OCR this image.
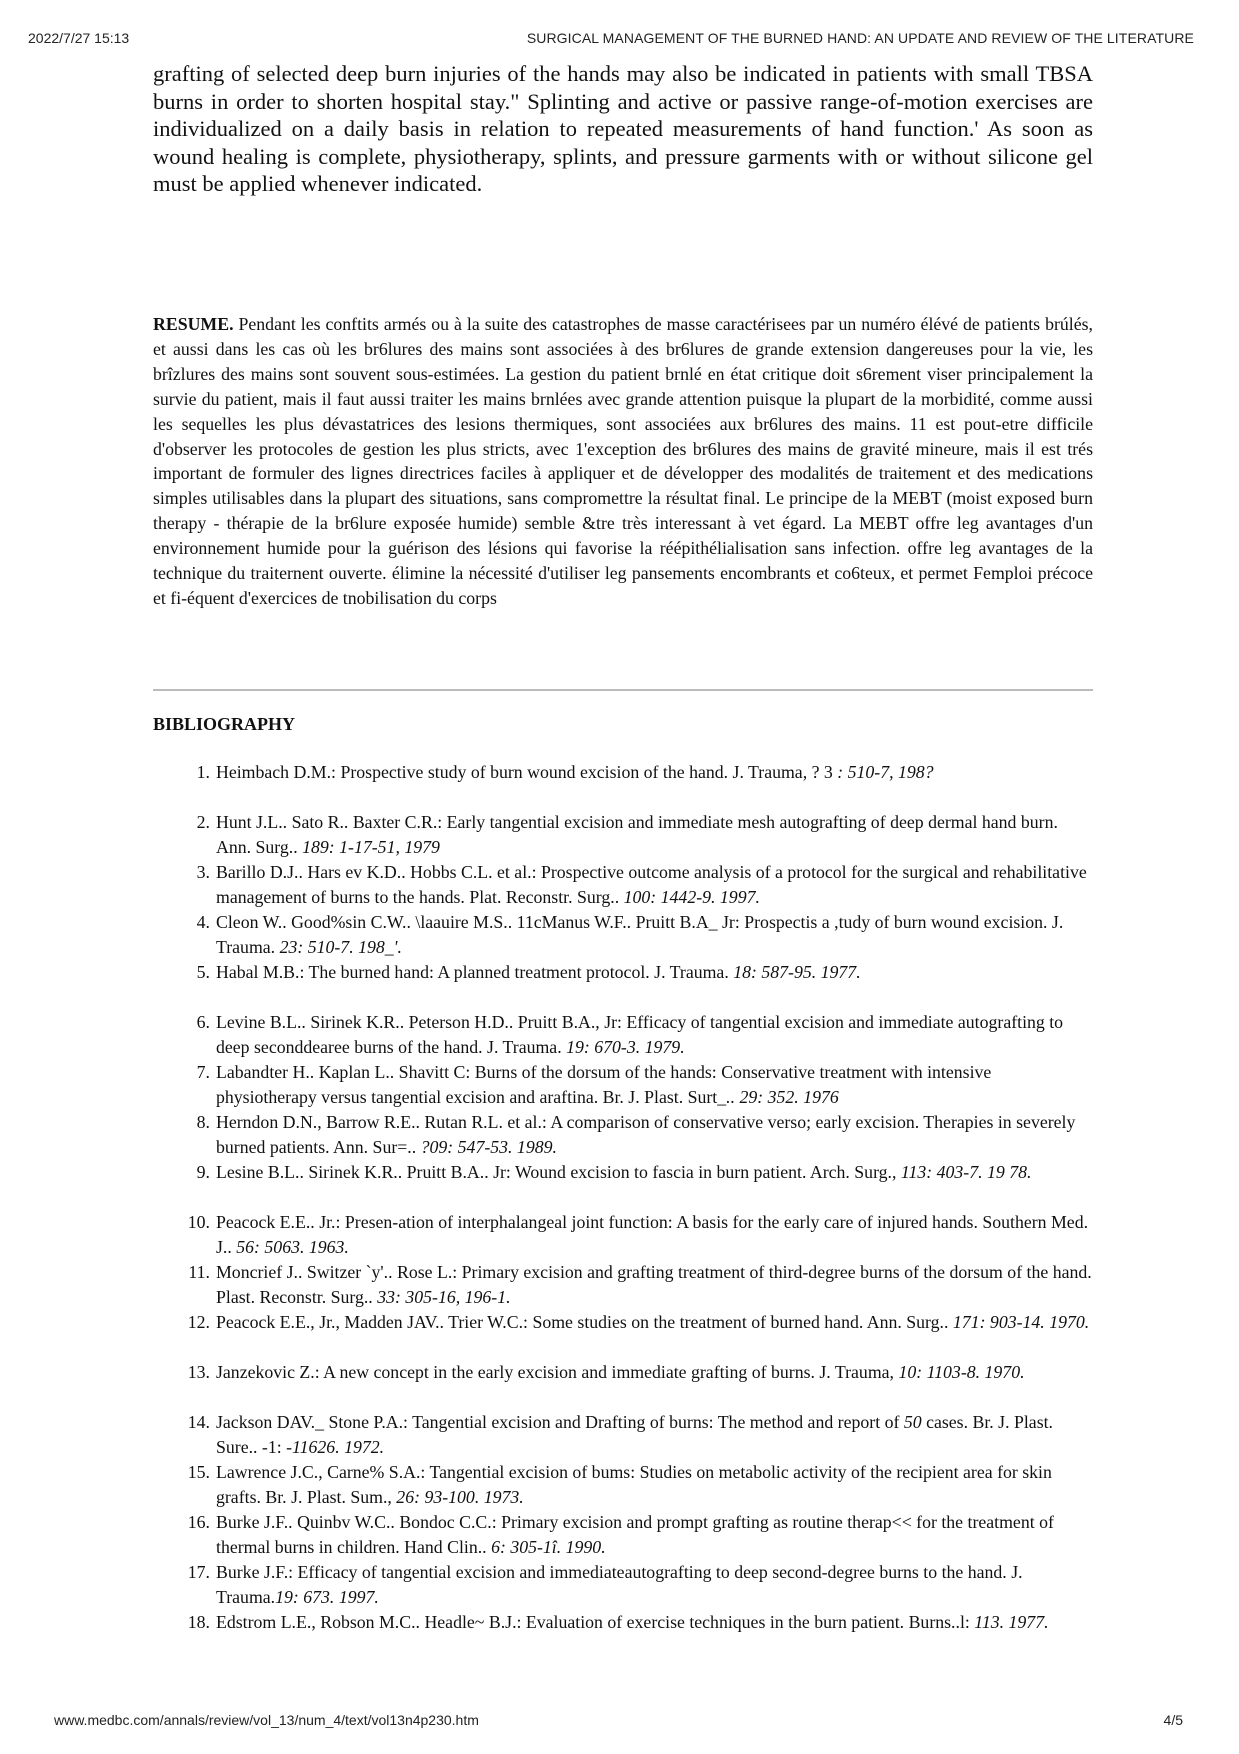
2022/7/27 15:13	SURGICAL MANAGEMENT OF THE BURNED HAND: AN UPDATE AND REVIEW OF THE LITERATURE

grafting of selected deep burn injuries of the hands may also be indicated in patients with small TBSA burns in order to shorten hospital stay." Splinting and active or passive range-of-motion exercises are individualized on a daily basis in relation to repeated measurements of hand function.' As soon as wound healing is complete, physiotherapy, splints, and pressure garments with or without silicone gel must be applied whenever indicated.

RESUME. Pendant les conftits armés ou à la suite des catastrophes de masse caractérisees par un numéro élévé de patients brúlés, et aussi dans les cas où les br6lures des mains sont associées à des br6lures de grande extension dangereuses pour la vie, les brîzlures des mains sont souvent sous-estimées. La gestion du patient brnlé en état critique doit s6rement viser principalement la survie du patient, mais il faut aussi traiter les mains brnlées avec grande attention puisque la plupart de la morbidité, comme aussi les sequelles les plus dévastatrices des lesions thermiques, sont associées aux br6lures des mains. 11 est pout-etre difficile d'observer les protocoles de gestion les plus stricts, avec 1'exception des br6lures des mains de gravité mineure, mais il est trés important de formuler des lignes directrices faciles à appliquer et de développer des modalités de traitement et des medications simples utilisables dans la plupart des situations, sans compromettre la résultat final. Le principe de la MEBT (moist exposed burn therapy - thérapie de la br6lure exposée humide) semble &tre très interessant à vet égard. La MEBT offre leg avantages d'un environnement humide pour la guérison des lésions qui favorise la réépithélialisation sans infection. offre leg avantages de la technique du traiternent ouverte. élimine la nécessité d'utiliser leg pansements encombrants et co6teux, et permet Femploi précoce et fi-équent d'exercices de tnobilisation du corps

BIBLIOGRAPHY
1. Heimbach D.M.: Prospective study of burn wound excision of the hand. J. Trauma, ? 3 : 510-7, 198?
2. Hunt J.L.. Sato R.. Baxter C.R.: Early tangential excision and immediate mesh autografting of deep dermal hand burn. Ann. Surg.. 189: 1-17-51, 1979
3. Barillo D.J.. Hars ev K.D.. Hobbs C.L. et al.: Prospective outcome analysis of a protocol for the surgical and rehabilitative management of burns to the hands. Plat. Reconstr. Surg.. 100: 1442-9. 1997.
4. Cleon W.. Good%sin C.W.. \laauire M.S.. 11cManus W.F.. Pruitt B.A_ Jr: Prospectis a ,tudy of burn wound excision. J. Trauma. 23: 510-7. 198_'.
5. Habal M.B.: The burned hand: A planned treatment protocol. J. Trauma. 18: 587-95. 1977.
6. Levine B.L.. Sirinek K.R.. Peterson H.D.. Pruitt B.A., Jr: Efficacy of tangential excision and immediate autografting to deep seconddearee burns of the hand. J. Trauma. 19: 670-3. 1979.
7. Labandter H.. Kaplan L.. Shavitt C: Burns of the dorsum of the hands: Conservative treatment with intensive physiotherapy versus tangential excision and araftina. Br. J. Plast. Surt_.. 29: 352. 1976
8. Herndon D.N., Barrow R.E.. Rutan R.L. et al.: A comparison of conservative verso; early excision. Therapies in severely burned patients. Ann. Sur=.. ?09: 547-53. 1989.
9. Lesine B.L.. Sirinek K.R.. Pruitt B.A.. Jr: Wound excision to fascia in burn patient. Arch. Surg., 113: 403-7. 19 78.
10. Peacock E.E.. Jr.: Presen-ation of interphalangeal joint function: A basis for the early care of injured hands. Southern Med. J.. 56: 5063. 1963.
11. Moncrief J.. Switzer `y'.. Rose L.: Primary excision and grafting treatment of third-degree burns of the dorsum of the hand. Plast. Reconstr. Surg.. 33: 305-16, 196-1.
12. Peacock E.E., Jr., Madden JAV.. Trier W.C.: Some studies on the treatment of burned hand. Ann. Surg.. 171: 903-14. 1970.
13. Janzekovic Z.: A new concept in the early excision and immediate grafting of burns. J. Trauma, 10: 1103-8. 1970.
14. Jackson DAV._ Stone P.A.: Tangential excision and Drafting of burns: The method and report of 50 cases. Br. J. Plast. Sure.. -1: -11626. 1972.
15. Lawrence J.C., Carne% S.A.: Tangential excision of bums: Studies on metabolic activity of the recipient area for skin grafts. Br. J. Plast. Sum., 26: 93-100. 1973.
16. Burke J.F.. Quinbv W.C.. Bondoc C.C.: Primary excision and prompt grafting as routine therap<< for the treatment of thermal burns in children. Hand Clin.. 6: 305-1î. 1990.
17. Burke J.F.: Efficacy of tangential excision and immediateautografting to deep second-degree burns to the hand. J. Trauma.19: 673. 1997.
18. Edstrom L.E., Robson M.C.. Headle~ B.J.: Evaluation of exercise techniques in the burn patient. Burns..l: 113. 1977.
www.medbc.com/annals/review/vol_13/num_4/text/vol13n4p230.htm	4/5
